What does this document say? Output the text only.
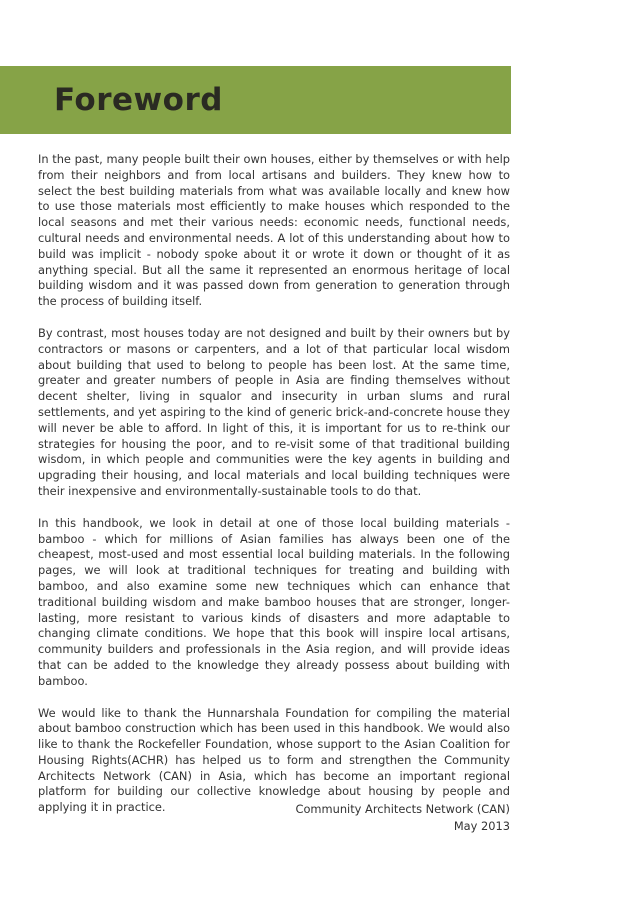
Foreword

In the past, many people built their own houses, either by themselves or with help from their neighbors and from local artisans and builders. They knew how to select the best building materials from what was available locally and knew how to use those materials most efficiently to make houses which responded to the local seasons and met their various needs: economic needs, functional needs, cultural needs and environmental needs. A lot of this understanding about how to build was implicit - nobody spoke about it or wrote it down or thought of it as anything special. But all the same it represented an enormous heritage of local building wisdom and it was passed down from generation to generation through the process of building itself.

By contrast, most houses today are not designed and built by their owners but by contractors or masons or carpenters, and a lot of that particular local wisdom about building that used to belong to people has been lost. At the same time, greater and greater numbers of people in Asia are finding themselves without decent shelter, living in squalor and insecurity in urban slums and rural settlements, and yet aspiring to the kind of generic brick-and-concrete house they will never be able to afford. In light of this, it is important for us to re-think our strategies for housing the poor, and to re-visit some of that traditional building wisdom, in which people and communities were the key agents in building and upgrading their housing, and local materials and local building techniques were their inexpensive and environmentally-sustainable tools to do that.

In this handbook, we look in detail at one of those local building materials - bamboo - which for millions of Asian families has always been one of the cheapest, most-used and most essential local building materials. In the following pages, we will look at traditional techniques for treating and building with bamboo, and also examine some new techniques which can enhance that traditional building wisdom and make bamboo houses that are stronger, longer-lasting, more resistant to various kinds of disasters and more adaptable to changing climate conditions. We hope that this book will inspire local artisans, community builders and professionals in the Asia region, and will provide ideas that can be added to the knowledge they already possess about building with bamboo.

We would like to thank the Hunnarshala Foundation for compiling the material about bamboo construction which has been used in this handbook. We would also like to thank the Rockefeller Foundation, whose support to the Asian Coalition for Housing Rights(ACHR) has helped us to form and strengthen the Community Architects Network (CAN) in Asia, which has become an important regional platform for building our collective knowledge about housing by people and applying it in practice.	Community Architects Network (CAN)
May 2013
